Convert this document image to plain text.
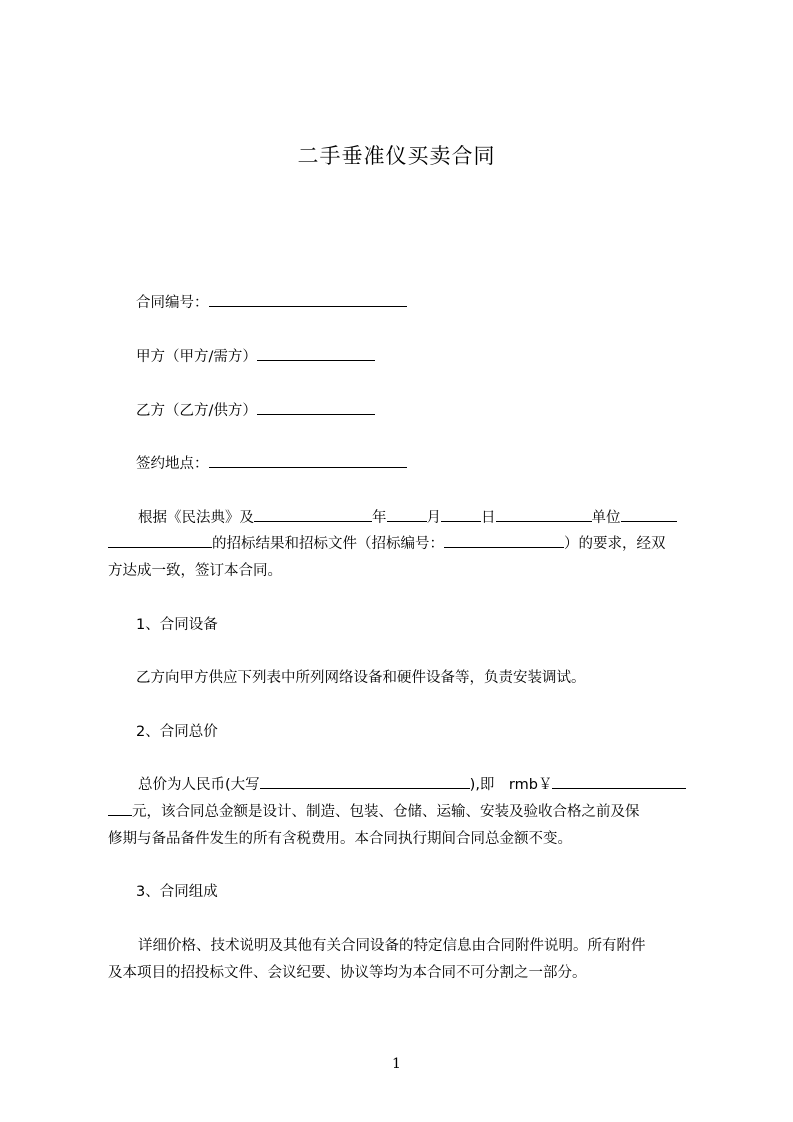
二手垂准仪买卖合同
合同编号：
甲方（甲方/需方）
乙方（乙方/供方）
签约地点：
根据《民法典》及	年	月	日	单位
的招标结果和招标文件（招标编号：	）的要求，经双
方达成一致，签订本合同。
1、合同设备
乙方向甲方供应下列表中所列网络设备和硬件设备等，负责安装调试。
2、合同总价
总价为人民币(大写	),即　rmb￥
元，该合同总金额是设计、制造、包装、仓储、运输、安装及验收合格之前及保
修期与备品备件发生的所有含税费用。本合同执行期间合同总金额不变。
3、合同组成
详细价格、技术说明及其他有关合同设备的特定信息由合同附件说明。所有附件
及本项目的招投标文件、会议纪要、协议等均为本合同不可分割之一部分。
1
